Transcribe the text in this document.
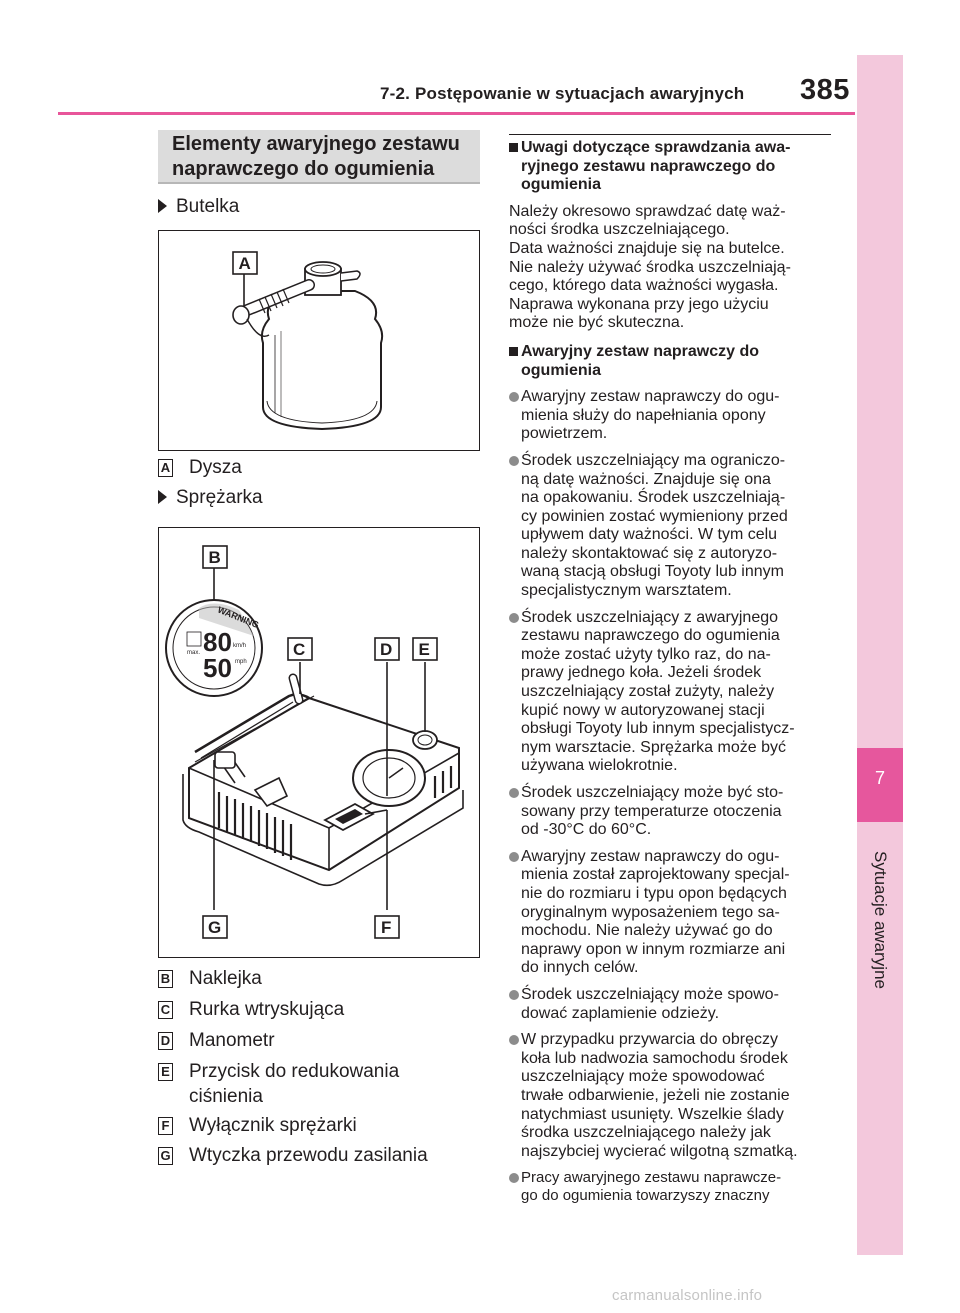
7-2. Postępowanie w sytuacjach awaryjnych 385
7
Sytuacje awaryjne
Elementy awaryjnego zestawu
naprawczego do ogumienia
Butelka
A
A Dysza
Sprężarka
WARNING
80
50
km/h
mph
max.
B
C	D E
F
G
B Naklejka
C Rurka wtryskująca
D Manometr
E	Przycisk do redukowania
ciśnienia
F	Wyłącznik sprężarki
G Wtyczka przewodu zasilania
Uwagi dotyczące sprawdzania awa-
ryjnego zestawu naprawczego do
ogumienia

Należy okresowo sprawdzać datę waż-
ności środka uszczelniającego.
Data ważności znajduje się na butelce.
Nie należy używać środka uszczelniają-
cego, którego data ważności wygasła.
Naprawa wykonana przy jego użyciu
może nie być skuteczna.

Awaryjny zestaw naprawczy do
ogumienia
Awaryjny zestaw naprawczy do ogu-
mienia służy do napełniania opony
powietrzem.
Środek uszczelniający ma ograniczo-
ną datę ważności. Znajduje się ona
na opakowaniu. Środek uszczelniają-
cy powinien zostać wymieniony przed
upływem daty ważności. W tym celu
należy skontaktować się z autoryzo-
waną stacją obsługi Toyoty lub innym
specjalistycznym warsztatem.
Środek uszczelniający z awaryjnego
zestawu naprawczego do ogumienia
może zostać użyty tylko raz, do na-
prawy jednego koła. Jeżeli środek
uszczelniający został zużyty, należy
kupić nowy w autoryzowanej stacji
obsługi Toyoty lub innym specjalistycz-
nym warsztacie. Sprężarka może być
używana wielokrotnie.
Środek uszczelniający może być sto-
sowany przy temperaturze otoczenia
od -30°C do 60°C.
Awaryjny zestaw naprawczy do ogu-
mienia został zaprojektowany specjal-
nie do rozmiaru i typu opon będących
oryginalnym wyposażeniem tego sa-
mochodu. Nie należy używać go do
naprawy opon w innym rozmiarze ani
do innych celów.
Środek uszczelniający może spowo-
dować zaplamienie odzieży.
W przypadku przywarcia do obręczy
koła lub nadwozia samochodu środek
uszczelniający może spowodować
trwałe odbarwienie, jeżeli nie zostanie
natychmiast usunięty. Wszelkie ślady
środka uszczelniającego należy jak
najszybciej wycierać wilgotną szmatką.
Pracy awaryjnego zestawu naprawcze-
go do ogumienia towarzyszy znaczny
carmanualsonline.info
